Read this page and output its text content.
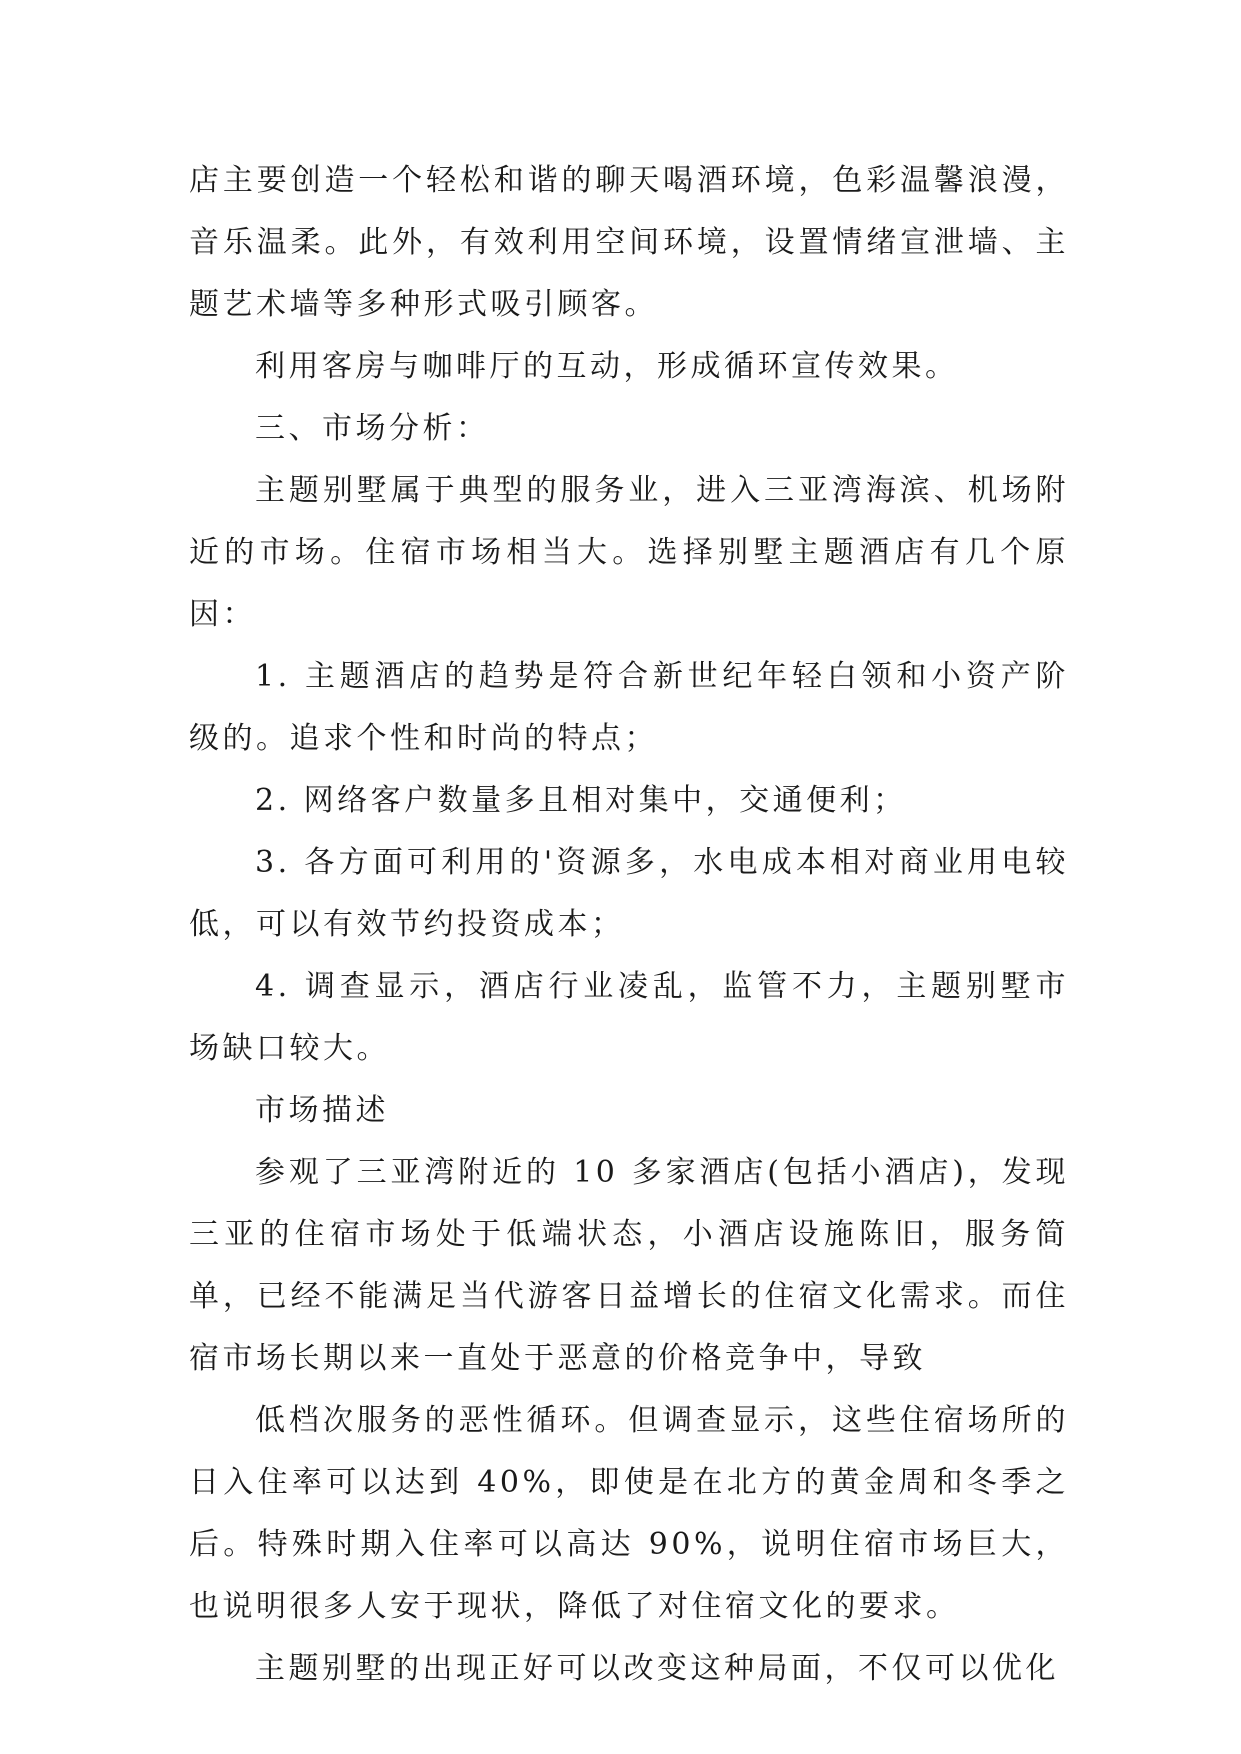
店主要创造一个轻松和谐的聊天喝酒环境，色彩温馨浪漫，音乐温柔。此外，有效利用空间环境，设置情绪宣泄墙、主题艺术墙等多种形式吸引顾客。

利用客房与咖啡厅的互动，形成循环宣传效果。

三、市场分析：

主题别墅属于典型的服务业，进入三亚湾海滨、机场附近的市场。住宿市场相当大。选择别墅主题酒店有几个原因：

1. 主题酒店的趋势是符合新世纪年轻白领和小资产阶级的。追求个性和时尚的特点；

2. 网络客户数量多且相对集中，交通便利；

3. 各方面可利用的'资源多，水电成本相对商业用电较低，可以有效节约投资成本；

4. 调查显示，酒店行业凌乱，监管不力，主题别墅市场缺口较大。

市场描述

参观了三亚湾附近的 10 多家酒店(包括小酒店)，发现三亚的住宿市场处于低端状态，小酒店设施陈旧，服务简单，已经不能满足当代游客日益增长的住宿文化需求。而住宿市场长期以来一直处于恶意的价格竞争中，导致

低档次服务的恶性循环。但调查显示，这些住宿场所的日入住率可以达到 40%，即使是在北方的黄金周和冬季之后。特殊时期入住率可以高达 90%，说明住宿市场巨大，也说明很多人安于现状，降低了对住宿文化的要求。

主题别墅的出现正好可以改变这种局面，不仅可以优化
